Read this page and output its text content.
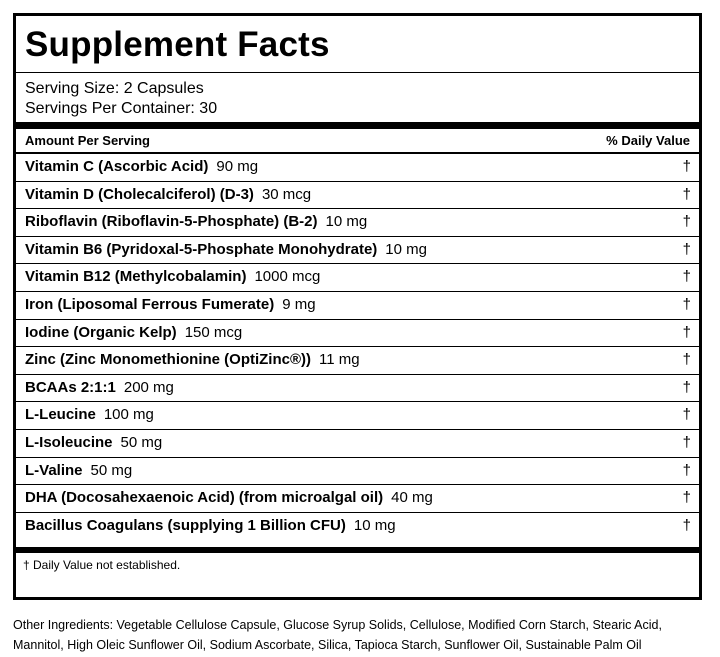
Supplement Facts
Serving Size: 2 Capsules
Servings Per Container: 30
Amount Per Serving	% Daily Value
Vitamin C (Ascorbic Acid) 90 mg	†
Vitamin D (Cholecalciferol) (D-3) 30 mcg	†
Riboflavin (Riboflavin-5-Phosphate) (B-2) 10 mg	†
Vitamin B6 (Pyridoxal-5-Phosphate Monohydrate) 10 mg	†
Vitamin B12 (Methylcobalamin) 1000 mcg	†
Iron (Liposomal Ferrous Fumerate) 9 mg	†
Iodine (Organic Kelp) 150 mcg	†
Zinc (Zinc Monomethionine (OptiZinc®)) 11 mg	†
BCAAs 2:1:1 200 mg	†
L-Leucine 100 mg	†
L-Isoleucine 50 mg	†
L-Valine 50 mg	†
DHA (Docosahexaenoic Acid) (from microalgal oil) 40 mg	†
Bacillus Coagulans (supplying 1 Billion CFU) 10 mg	†
† Daily Value not established.
Other Ingredients: Vegetable Cellulose Capsule, Glucose Syrup Solids, Cellulose, Modified Corn Starch, Stearic Acid,
Mannitol, High Oleic Sunflower Oil, Sodium Ascorbate, Silica, Tapioca Starch, Sunflower Oil, Sustainable Palm Oil
